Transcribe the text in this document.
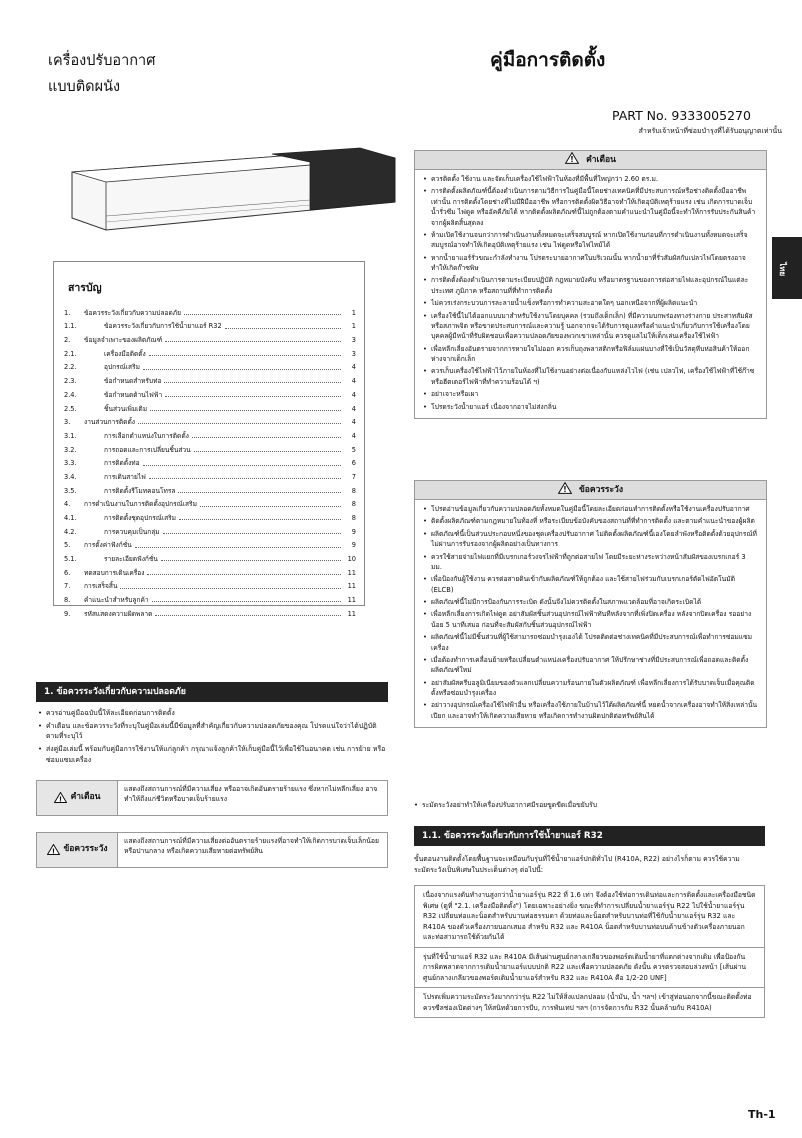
เครื่องปรับอากาศ
แบบติดผนัง
คู่มือการติดตั้ง
PART No. 9333005270
สำหรับเจ้าหน้าที่ซ่อมบำรุงที่ได้รับอนุญาตเท่านั้น
ไทย
สารบัญ
1.	ข้อควรระวังเกี่ยวกับความปลอดภัย	1
1.1.	ข้อควรระวังเกี่ยวกับการใช้น้ำยาแอร์ R32	1
2.	ข้อมูลจำเพาะของผลิตภัณฑ์	3
2.1.	เครื่องมือติดตั้ง	3
2.2.	อุปกรณ์เสริม	4
2.3.	ข้อกำหนดสำหรับท่อ	4
2.4.	ข้อกำหนดด้านไฟฟ้า	4
2.5.	ชิ้นส่วนเพิ่มเติม	4
3.	งานส่วนการติดตั้ง	4
3.1.	การเลือกตำแหน่งในการติดตั้ง	4
3.2.	การถอดและการเปลี่ยนชิ้นส่วน	5
3.3.	การติดตั้งท่อ	6
3.4.	การเดินสายไฟ	7
3.5.	การติดตั้งรีโมทคอนโทรล	8
4.	การดำเนินงานในการติดตั้งอุปกรณ์เสริม	8
4.1.	การติดตั้งชุดอุปกรณ์เสริม	8
4.2.	การควบคุมเป็นกลุ่ม	9
5.	การตั้งค่าฟังก์ชั่น	9
5.1.	รายละเอียดฟังก์ชั่น	10
6.	ทดสอบการเดินเครื่อง	11
7.	การเสร็จสิ้น	11
8.	คำแนะนำสำหรับลูกค้า	11
9.	รหัสแสดงความผิดพลาด	11
1. ข้อควรระวังเกี่ยวกับความปลอดภัย
• ควรอ่านคู่มือฉบับนี้ให้ละเอียดก่อนการติดตั้ง
• คำเตือน และข้อควรระวังที่ระบุในคู่มือเล่มนี้มีข้อมูลที่สำคัญเกี่ยวกับความปลอดภัยของคุณ โปรดแน่ใจว่าได้ปฏิบัติตามที่ระบุไว้
• ส่งคู่มือเล่มนี้ พร้อมกับคู่มือการใช้งานให้แก่ลูกค้า กรุณาแจ้งลูกค้าให้เก็บคู่มือนี้ไว้เพื่อใช้ในอนาคต เช่น การย้าย หรือซ่อมแซมเครื่อง
! คำเตือน
แสดงถึงสถานการณ์ที่มีความเสี่ยง หรืออาจเกิดอันตรายร้ายแรง ซึ่งหากไม่หลีกเลี่ยง อาจทำให้ถึงแก่ชีวิตหรือบาดเจ็บร้ายแรง
! ข้อควรระวัง
แสดงถึงสถานการณ์ที่มีความเสี่ยงต่ออันตรายร้ายแรงที่อาจทำให้เกิดการบาดเจ็บเล็กน้อย หรือปานกลาง หรือเกิดความเสียหายต่อทรัพย์สิน
! คำเตือน
• ควรติดตั้ง ใช้งาน และจัดเก็บเครื่องใช้ไฟฟ้าในห้องที่มีพื้นที่ใหญ่กว่า 2.60 ตร.ม.
• การติดตั้งผลิตภัณฑ์นี้ต้องดำเนินการตามวิธีการในคู่มือนี้โดยช่างเทคนิคที่มีประสบการณ์หรือช่างติดตั้งมืออาชีพเท่านั้น การติดตั้งโดยช่างที่ไม่มีฝีมืออาชีพ หรือการติดตั้งผิดวิธีอาจทำให้เกิดอุบัติเหตุร้ายแรง เช่น เกิดการบาดเจ็บ น้ำรั่วซึม ไฟดูด หรืออัคคีภัยได้ หากติดตั้งผลิตภัณฑ์นี้ไม่ถูกต้องตามคำแนะนำในคู่มือนี้จะทำให้การรับประกันสินค้าจากผู้ผลิตสิ้นสุดลง
• ห้ามเปิดใช้งานจนกว่าการดำเนินงานทั้งหมดจะเสร็จสมบูรณ์ หากเปิดใช้งานก่อนที่การดำเนินงานทั้งหมดจะเสร็จสมบูรณ์อาจทำให้เกิดอุบัติเหตุร้ายแรง เช่น ไฟดูดหรือไฟไหม้ได้
• หากน้ำยาแอร์รั่วขณะกำลังทำงาน โปรดระบายอากาศในบริเวณนั้น หากน้ำยาที่รั่วสัมผัสกับเปลวไฟโดยตรงอาจทำให้เกิดก๊าซพิษ
• การติดตั้งต้องดำเนินการตามระเบียบปฏิบัติ กฎหมายบังคับ หรือมาตรฐานของการต่อสายไฟและอุปกรณ์ในแต่ละประเทศ ภูมิภาค หรือสถานที่ที่ทำการติดตั้ง
• ไม่ควรเร่งกระบวนการละลายน้ำแข็งหรือการทำความสะอาดใดๆ นอกเหนือจากที่ผู้ผลิตแนะนำ
• เครื่องใช้นี้ไม่ได้ออกแบบมาสำหรับใช้งานโดยบุคคล (รวมถึงเด็กเล็ก) ที่มีความบกพร่องทางร่างกาย ประสาทสัมผัสหรือสภาพจิต หรือขาดประสบการณ์และความรู้ นอกจากจะได้รับการดูแลหรือคำแนะนำเกี่ยวกับการใช้เครื่องโดยบุคคลผู้มีหน้าที่รับผิดชอบเพื่อความปลอดภัยของพวกเขาเหล่านั้น ควรดูแลไม่ให้เด็กเล่นเครื่องใช้ไฟฟ้า
• เพื่อหลีกเลี่ยงอันตรายจากการหายใจไม่ออก ควรเก็บถุงพลาสติกหรือฟิล์มแผ่นบางที่ใช้เป็นวัสดุหีบห่อสินค้าให้ออกห่างจากเด็กเล็ก
• ควรเก็บเครื่องใช้ไฟฟ้าไว้ภายในห้องที่ไม่ใช้งานอย่างต่อเนื่องกับแหล่งไวไฟ (เช่น เปลวไฟ, เครื่องใช้ไฟฟ้าที่ใช้ก๊าซ หรือฮีตเตอร์ไฟฟ้าที่ทำความร้อนได้ ฯ)
• อย่าเจาะหรือเผา
• โปรดระวังน้ำยาแอร์ เนื่องจากอาจไม่ส่งกลิ่น
! ข้อควรระวัง
• โปรดอ่านข้อมูลเกี่ยวกับความปลอดภัยทั้งหมดในคู่มือนี้โดยละเอียดก่อนทำการติดตั้งหรือใช้งานเครื่องปรับอากาศ
• ติดตั้งผลิตภัณฑ์ตามกฎหมายในท้องที่ หรือระเบียบข้อบังคับของสถานที่ที่ทำการติดตั้ง และตามคำแนะนำของผู้ผลิต
• ผลิตภัณฑ์นี้เป็นส่วนประกอบหนึ่งของชุดเครื่องปรับอากาศ ไม่ติดตั้งผลิตภัณฑ์นี้เองโดยลำพังหรือติดตั้งด้วยอุปกรณ์ที่ไม่ผ่านการรับรองจากผู้ผลิตอย่างเป็นทางการ
• ควรใช้สายจ่ายไฟแยกที่มีเบรกเกอร์วงจรไฟฟ้าที่ถูกต่อสายไฟ โดยมีระยะห่างระหว่างหน้าสัมผัสของเบรกเกอร์ 3 มม.
• เพื่อป้องกันผู้ใช้งาน ควรต่อสายดินเข้ากับผลิตภัณฑ์ให้ถูกต้อง และใช้สายไฟร่วมกับเบรกเกอร์ตัดไฟอัตโนมัติ (ELCB)
• ผลิตภัณฑ์นี้ไม่มีการป้องกันการระเบิด ดังนั้นจึงไม่ควรติดตั้งในสภาพแวดล้อมที่อาจเกิดระเบิดได้
• เพื่อหลีกเลี่ยงการเกิดไฟดูด อย่าสัมผัสชิ้นส่วนอุปกรณ์ไฟฟ้าทันทีหลังจากที่เพิ่งปิดเครื่อง หลังจากปิดเครื่อง รออย่างน้อย 5 นาทีเสมอ ก่อนที่จะสัมผัสกับชิ้นส่วนอุปกรณ์ไฟฟ้า
• ผลิตภัณฑ์นี้ไม่มีชิ้นส่วนที่ผู้ใช้สามารถซ่อมบำรุงเองได้ โปรดติดต่อช่างเทคนิคที่มีประสบการณ์เพื่อทำการซ่อมแซมเครื่อง
• เมื่อต้องทำการเคลื่อนย้ายหรือเปลี่ยนตำแหน่งเครื่องปรับอากาศ ให้ปรึกษาช่างที่มีประสบการณ์เพื่อถอดและติดตั้งผลิตภัณฑ์ใหม่
• อย่าสัมผัสครีบอลูมิเนียมของตัวแลกเปลี่ยนความร้อนภายในตัวผลิตภัณฑ์ เพื่อหลีกเลี่ยงการได้รับบาดเจ็บเมื่อคุณติดตั้งหรือซ่อมบำรุงเครื่อง
• อย่าวางอุปกรณ์เครื่องใช้ไฟฟ้าอื่น หรือเครื่องใช้ภายในบ้านไว้ใต้ผลิตภัณฑ์นี้ หยดน้ำจากเครื่องอาจทำให้สิ่งเหล่านั้นเปียก และอาจทำให้เกิดความเสียหาย หรือเกิดการทำงานผิดปกติต่อทรัพย์สินได้
• ระมัดระวังอย่าทำให้เครื่องปรับอากาศมีรอยขูดขีดเมื่อขยับรับ
1.1. ข้อควรระวังเกี่ยวกับการใช้น้ำยาแอร์ R32
ขั้นตอนงานติดตั้งโดยพื้นฐานจะเหมือนกับรุ่นที่ใช้น้ำยาแอร์ปกติทั่วไป (R410A, R22) อย่างไรก็ตาม ควรใช้ความระมัดระวังเป็นพิเศษในประเด็นต่างๆ ต่อไปนี้:
เนื่องจากแรงดันทำงานสูงกว่าน้ำยาแอร์รุ่น R22 ที่ 1.6 เท่า จึงต้องใช้ท่อการเดินท่อและการติดตั้งและเครื่องมือชนิดพิเศษ (ดูที่ "2.1. เครื่องมือติดตั้ง") โดยเฉพาะอย่างยิ่ง ขณะที่ทำการเปลี่ยนน้ำยาแอร์รุ่น R22 ไปใช้น้ำยาแอร์รุ่น R32 เปลี่ยนท่อและน็อตสำหรับบานท่อธรรมดา ด้วยท่อและน็อตสำหรับบานท่อที่ใช้กับน้ำยาแอร์รุ่น R32 และ R410A ของตัวเครื่องภายนอกเสมอ สำหรับ R32 และ R410A น็อตสำหรับบานท่อบนด้านข้างตัวเครื่องภายนอกและท่อสามารถใช้ด้วยกันได้
รุ่นที่ใช้น้ำยาแอร์ R32 และ R410A มีเส้นผ่านศูนย์กลางเกลียวของพอร์ตเติมน้ำยาที่แตกต่างจากเดิม เพื่อป้องกันการผิดพลาดจากการเติมน้ำยาแอร์แบบปกติ R22 และเพื่อความปลอดภัย ดังนั้น ควรตรวจสอบล่วงหน้า [เส้นผ่านศูนย์กลางเกลียวของพอร์ตเติมน้ำยาแอร์สำหรับ R32 และ R410A คือ 1/2-20 UNF]
โปรดเพิ่มความระมัดระวังมากกว่ารุ่น R22 ไม่ให้สิ่งแปลกปลอม (น้ำมัน, น้ำ ฯลฯ) เข้าสู่ท่อนอกจากนี้ขณะติดตั้งท่อ ควรซีลช่องเปิดต่างๆ ให้สนิทด้วยการบีบ, การพันเทป ฯลฯ (การจัดการกับ R32 นั้นคล้ายกับ R410A)
Th-1
